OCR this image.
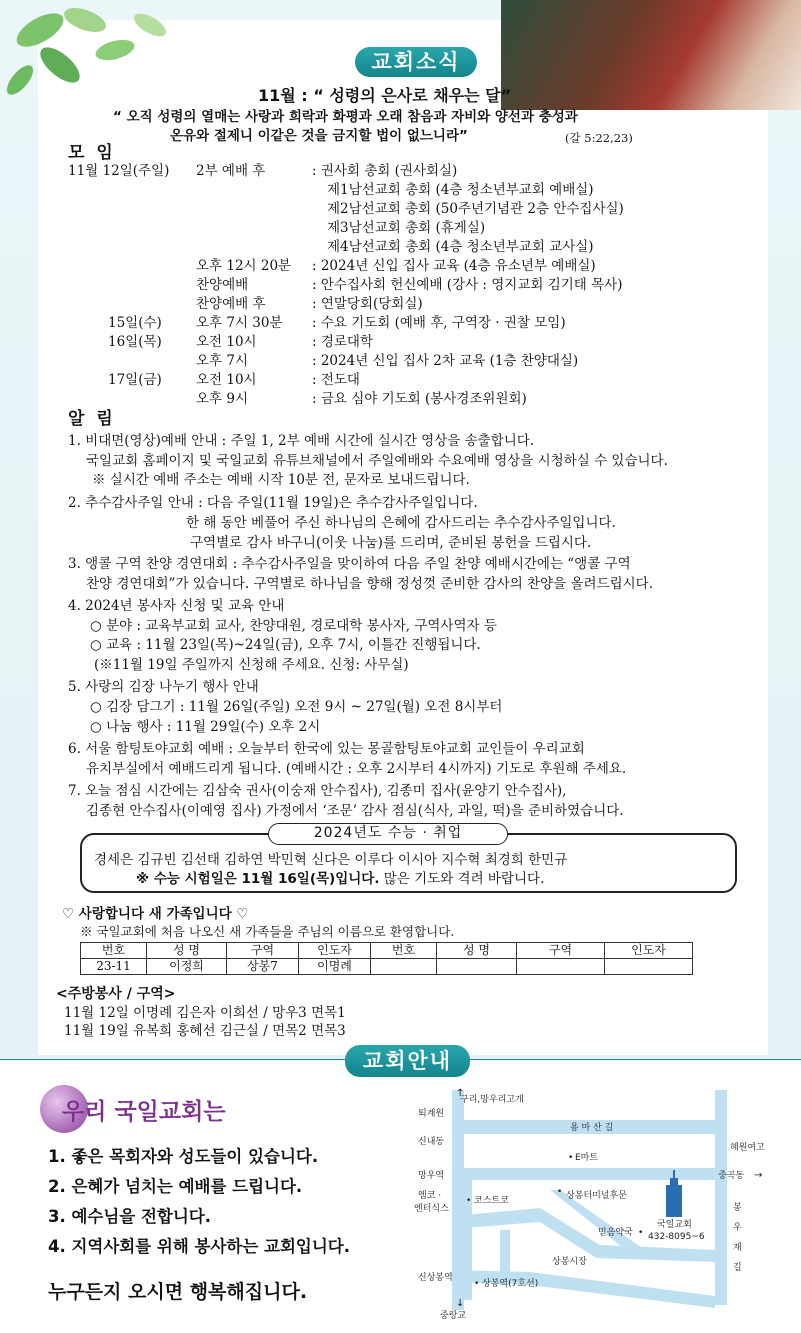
교회소식
11월 : “ 성령의 은사로 채우는 달”
“ 오직 성령의 열매는 사랑과 희락과 화평과 오래 참음과 자비와 양선과 충성과
온유와 절제니 이같은 것을 금지할 법이 없느니라”	(갈 5:22,23)
모 임
알 림
2024년도 수능 · 취업
경세은 김규빈 김선태 김하연 박민혁 신다은 이루다 이시아 지수혁 최경희 한민규
※ 수능 시험일은 11월 16일(목)입니다. 많은 기도와 격려 바랍니다.
♡ 사랑합니다 새 가족입니다 ♡
※ 국일교회에 처음 나오신 새 가족들을 주님의 이름으로 환영합니다.
번호	성 명	구역	인도자	번호	성 명	구역	인도자
23-11	이정희	상봉7	이명례				
<주방봉사 / 구역>
11월 12일 이명례 김은자 이희선 / 망우3 면목1
11월 19일 유복희 홍혜선 김근실 / 면목2 면목3
교회안내
우리 국일교회는
1. 좋은 목회자와 성도들이 있습니다.
2. 은혜가 넘치는 예배를 드립니다.
3. 예수님을 전합니다.
4. 지역사회를 위해 봉사하는 교회입니다.
누구든지 오시면 행복해집니다.
구리,망우리고개
↑
용 마 산 길
퇴계원
신내동
E마트
•
혜원여고
망우역	중곡동 →
엠코 ·
엔터식스
코스트코
•	상봉터미널후문
•
믿음약국 •
국일교회
432-8095~6
봉
우
재
길
상봉시장
신상봉역
상봉역(7호선)
•
↓
중랑교
11월 12일(주일) 2부 예배 후	: 권사회 총회 (권사회실)
제1남선교회 총회 (4층 청소년부교회 예배실)
제2남선교회 총회 (50주년기념관 2층 안수집사실)
제3남선교회 총회 (휴게실)
제4남선교회 총회 (4층 청소년부교회 교사실)
오후 12시 20분 : 2024년 신입 집사 교육 (4층 유소년부 예배실)
찬양예배	: 안수집사회 헌신예배 (강사 : 영지교회 김기태 목사)
찬양예배 후	: 연말당회(당회실)
15일(수)	오후 7시 30분 : 수요 기도회 (예배 후, 구역장 · 권찰 모임)
16일(목)	오전 10시	: 경로대학
오후 7시	: 2024년 신입 집사 2차 교육 (1층 찬양대실)
17일(금)	오전 10시	: 전도대
오후 9시	: 금요 심야 기도회 (봉사경조위원회)
1. 비대면(영상)예배 안내 : 주일 1, 2부 예배 시간에 실시간 영상을 송출합니다.
국일교회 홈페이지 및 국일교회 유튜브채널에서 주일예배와 수요예배 영상을 시청하실 수 있습니다.
※ 실시간 예배 주소는 예배 시작 10분 전, 문자로 보내드립니다.
2. 추수감사주일 안내 : 다음 주일(11월 19일)은 추수감사주일입니다.
한 해 동안 베풀어 주신 하나님의 은혜에 감사드리는 추수감사주일입니다.
구역별로 감사 바구니(이웃 나눔)를 드리며, 준비된 봉헌을 드립시다.
3. 앵콜 구역 찬양 경연대회 : 추수감사주일을 맞이하여 다음 주일 찬양 예배시간에는 “앵콜 구역
찬양 경연대회”가 있습니다. 구역별로 하나님을 향해 정성껏 준비한 감사의 찬양을 올려드립시다.
4. 2024년 봉사자 신청 및 교육 안내
○ 분야 : 교육부교회 교사, 찬양대원, 경로대학 봉사자, 구역사역자 등
○ 교육 : 11월 23일(목)~24일(금), 오후 7시, 이틀간 진행됩니다.
(※11월 19일 주일까지 신청해 주세요. 신청: 사무실)
5. 사랑의 김장 나누기 행사 안내
○ 김장 담그기 : 11월 26일(주일) 오전 9시 ~ 27일(월) 오전 8시부터
○ 나눔 행사 : 11월 29일(수) 오후 2시
6. 서울 함팅토야교회 예배 : 오늘부터 한국에 있는 몽골함팅토야교회 교인들이 우리교회
유치부실에서 예배드리게 됩니다. (예배시간 : 오후 2시부터 4시까지) 기도로 후원해 주세요.
7. 오늘 점심 시간에는 김삼숙 권사(이숭재 안수집사), 김종미 집사(윤양기 안수집사),
김종현 안수집사(이예영 집사) 가정에서 ‘조문’ 감사 점심(식사, 과일, 떡)을 준비하였습니다.
